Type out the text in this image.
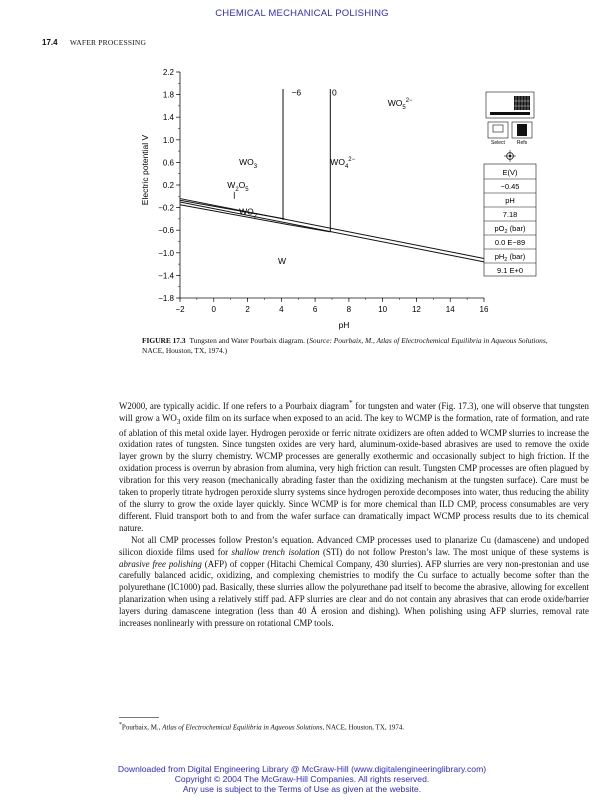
CHEMICAL MECHANICAL POLISHING
17.4 WAFER PROCESSING
2.2
1.8
1.4
1.0
0.6
0.2
−0.2
−0.6
−1.0
−1.4
−1.8
−2	0	2	4	6	8	10	12	14	16
Electric potential V
pH
−6	0
$WO_5^{2-}$
$WO_3$	$WO_4^{2-}$
$W_2O_5$
$WO_2$
W
Select Refs
E(V)
−0.45
pH
7.18
$pO_2$ (bar)
0.0 E−89
$pH_2$ (bar)
9.1 E+0
FIGURE 17.3 Tungsten and Water Pourbaix diagram. (Source: Pourbaix, M., Atlas of Electrochemical Equilibria in Aqueous Solutions, NACE, Houston, TX, 1974.)

W2000, are typically acidic. If one refers to a Pourbaix diagram* for tungsten and water (Fig. 17.3), one will observe that tungsten will grow a $WO_3$ oxide film on its surface when exposed to an acid. The key to WCMP is the formation, rate of formation, and rate of ablation of this metal oxide layer. Hydrogen peroxide or ferric nitrate oxidizers are often added to WCMP slurries to increase the oxidation rates of tungsten. Since tungsten oxides are very hard, aluminum-oxide-based abrasives are used to remove the oxide layer grown by the slurry chemistry. WCMP processes are generally exothermic and occasionally subject to high friction. If the oxidation process is overrun by abrasion from alumina, very high friction can result. Tungsten CMP processes are often plagued by vibration for this very reason (mechanically abrading faster than the oxidizing mechanism at the tungsten surface). Care must be taken to properly titrate hydrogen peroxide slurry systems since hydrogen peroxide decomposes into water, thus reducing the ability of the slurry to grow the oxide layer quickly. Since WCMP is for more chemical than ILD CMP, process consumables are very different. Fluid transport both to and from the wafer surface can dramatically impact WCMP process results due to its chemical nature.

Not all CMP processes follow Preston’s equation. Advanced CMP processes used to planarize Cu (damascene) and undoped silicon dioxide films used for shallow trench isolation (STI) do not follow Preston’s law. The most unique of these systems is abrasive free polishing (AFP) of copper (Hitachi Chemical Company, 430 slurries). AFP slurries are very non-prestonian and use carefully balanced acidic, oxidizing, and complexing chemistries to modify the Cu surface to actually become softer than the polyurethane (IC1000) pad. Basically, these slurries allow the polyurethane pad itself to become the abrasive, allowing for excellent planarization when using a relatively stiff pad. AFP slurries are clear and do not contain any abrasives that can erode oxide/barrier layers during damascene integration (less than 40 Å erosion and dishing). When polishing using AFP slurries, removal rate increases nonlinearly with pressure on rotational CMP tools.

*Pourbaix, M., Atlas of Electrochemical Equilibria in Aqueous Solutions, NACE, Houston, TX, 1974.
Downloaded from Digital Engineering Library @ McGraw-Hill (www.digitalengineeringlibrary.com)
Copyright © 2004 The McGraw-Hill Companies. All rights reserved.
Any use is subject to the Terms of Use as given at the website.
